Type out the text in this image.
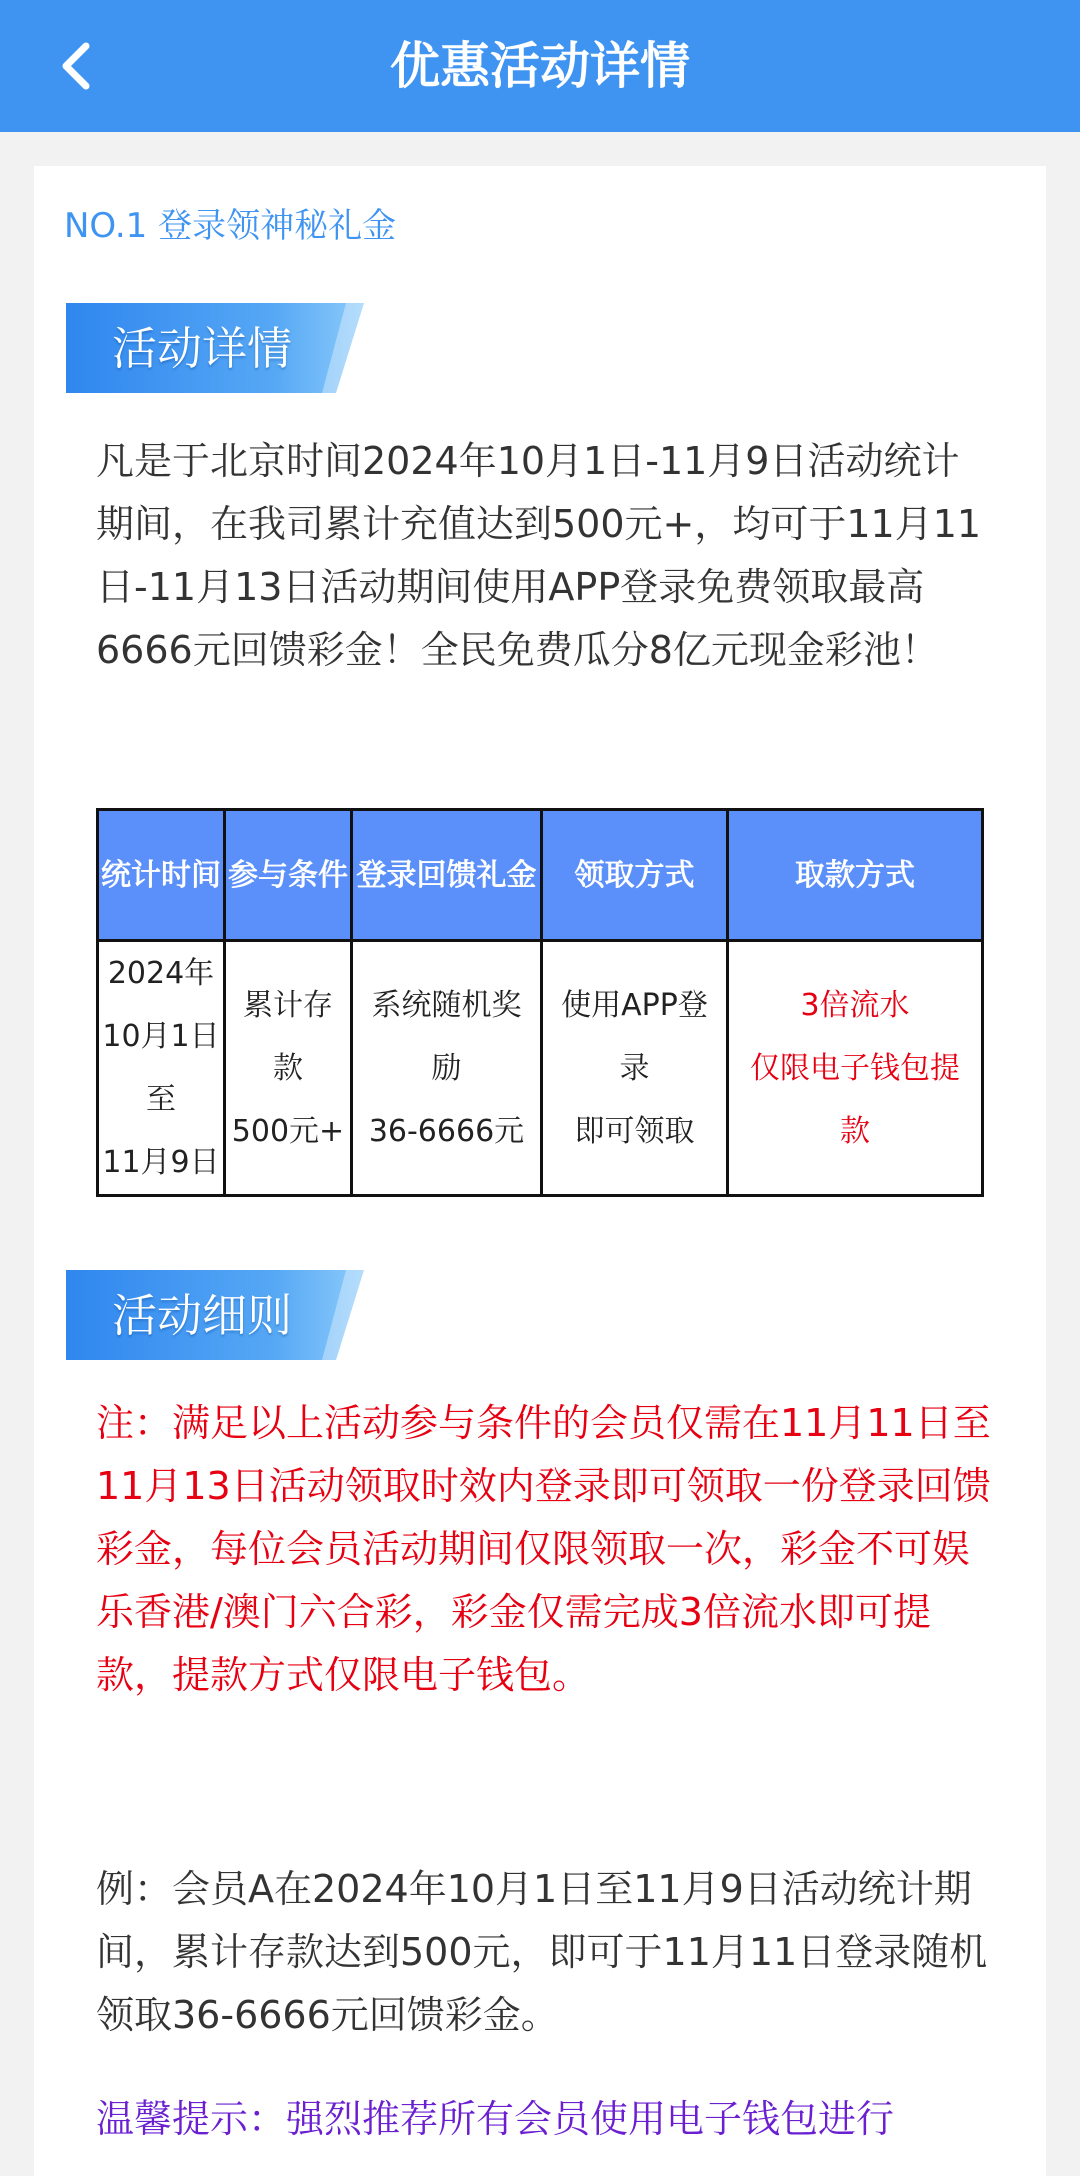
优惠活动详情
NO.1 登录领神秘礼金
活动详情
凡是于北京时间2024年10月1日-11月9日活动统计期间，在我司累计充值达到500元+，均可于11月11日-11月13日活动期间使用APP登录免费领取最高6666元回馈彩金！全民免费瓜分8亿元现金彩池！
统计时间	参与条件	登录回馈礼金	领取方式	取款方式
2024年
10月1日
至
11月9日	累计存
款
500元+	系统随机奖
励
36-6666元	使用APP登
录
即可领取	3倍流水
仅限电子钱包提
款
活动细则
注：满足以上活动参与条件的会员仅需在11月11日至11月13日活动领取时效内登录即可领取一份登录回馈彩金，每位会员活动期间仅限领取一次，彩金不可娱乐香港/澳门六合彩，彩金仅需完成3倍流水即可提款，提款方式仅限电子钱包。
例：会员A在2024年10月1日至11月9日活动统计期间，累计存款达到500元，即可于11月11日登录随机领取36-6666元回馈彩金。
温馨提示：强烈推荐所有会员使用电子钱包进行
